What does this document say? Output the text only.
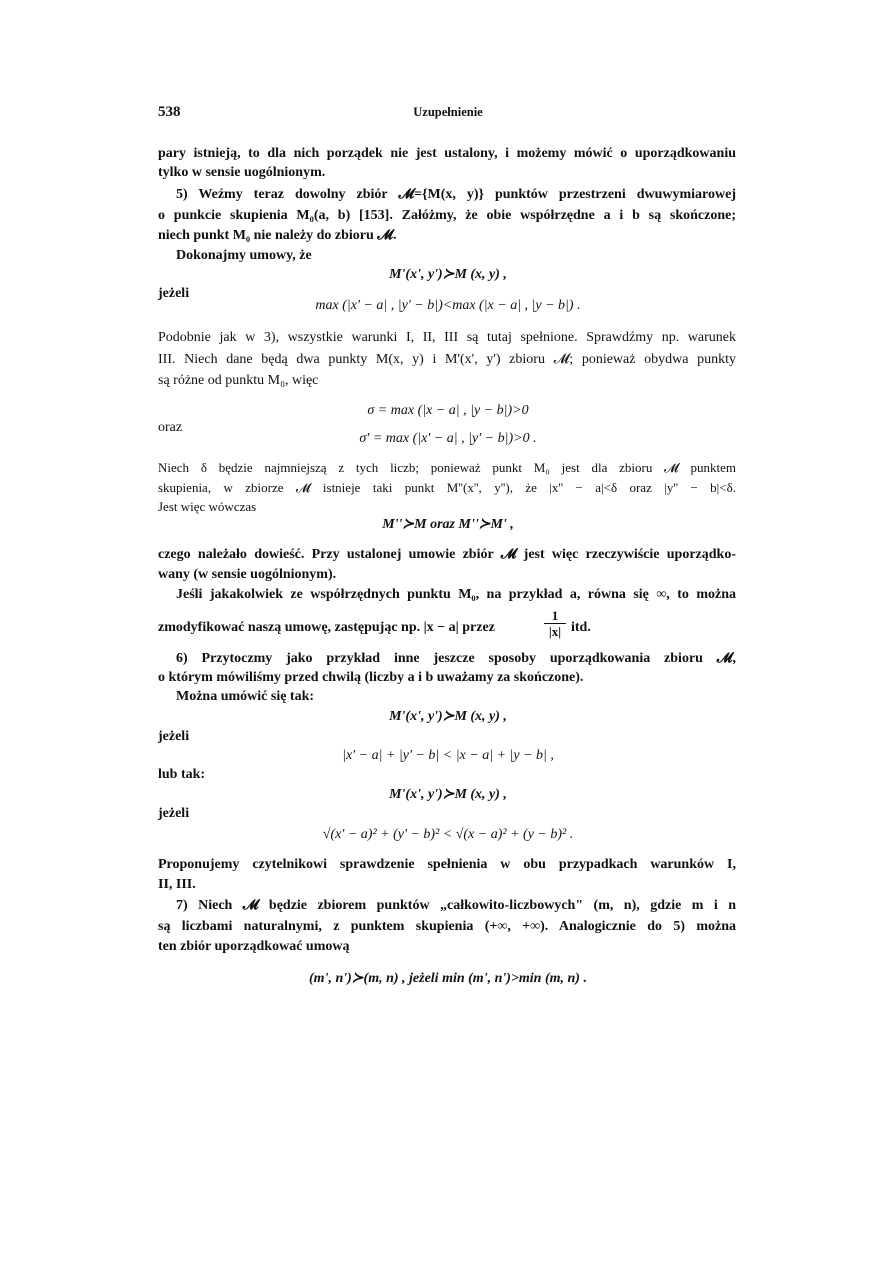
538	Uzupełnienie
pary istnieją, to dla nich porządek nie jest ustalony, i możemy mówić o uporządkowaniu
tylko w sensie uogólnionym.
5) Weźmy teraz dowolny zbiór 𝓜={M(x, y)} punktów przestrzeni dwuwymiarowej
o punkcie skupienia M₀(a, b) [153]. Załóżmy, że obie współrzędne a i b są skończone;
niech punkt M₀ nie należy do zbioru 𝓜.
Dokonajmy umowy, że
M'(x', y')≻M (x, y) ,
jeżeli
max (|x' − a| , |y' − b|)<max (|x − a| , |y − b|) .
Podobnie jak w 3), wszystkie warunki I, II, III są tutaj spełnione. Sprawdźmy np. warunek
III. Niech dane będą dwa punkty M(x, y) i M'(x', y') zbioru 𝓜; ponieważ obydwa punkty
są różne od punktu M₀, więc
σ = max (|x − a| , |y − b|)>0
oraz
σ' = max (|x' − a| , |y' − b|)>0 .
Niech δ będzie najmniejszą z tych liczb; ponieważ punkt M₀ jest dla zbioru 𝓜 punktem
skupienia, w zbiorze 𝓜 istnieje taki punkt M''(x'', y''), że |x'' − a|<δ oraz |y'' − b|<δ.
Jest więc wówczas
M''≻M oraz M''≻M' ,
czego należało dowieść. Przy ustalonej umowie zbiór 𝓜 jest więc rzeczywiście uporządko-
wany (w sensie uogólnionym).
Jeśli jakakolwiek ze współrzędnych punktu M₀, na przykład a, równa się ∞, to można
zmodyfikować naszą umowę, zastępując np. |x − a| przez
1
|x| itd.
6) Przytoczmy jako przykład inne jeszcze sposoby uporządkowania zbioru 𝓜,
o którym mówiliśmy przed chwilą (liczby a i b uważamy za skończone).
Można umówić się tak:
M'(x', y')≻M (x, y) ,
jeżeli
|x' − a| + |y' − b| < |x − a| + |y − b| ,
lub tak:
M'(x', y')≻M (x, y) ,
jeżeli
√(x' − a)² + (y' − b)² < √(x − a)² + (y − b)² .
Proponujemy czytelnikowi sprawdzenie spełnienia w obu przypadkach warunków I,
II, III.
7) Niech 𝓜 będzie zbiorem punktów „całkowito-liczbowych" (m, n), gdzie m i n
są liczbami naturalnymi, z punktem skupienia (+∞, +∞). Analogicznie do 5) można
ten zbiór uporządkować umową
(m', n')≻(m, n) , jeżeli min (m', n')>min (m, n) .
